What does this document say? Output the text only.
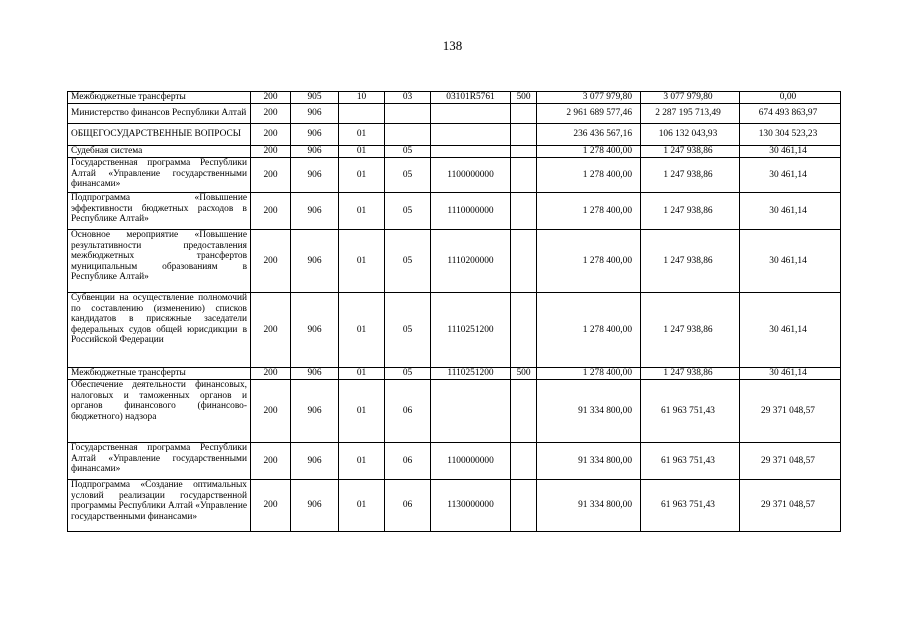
138
Межбюджетные трансферты	200	905	10	03	03101R5761	500	3 077 979,80	3 077 979,80	0,00
Министерство финансов Республики Алтай	200	906					2 961 689 577,46	2 287 195 713,49	674 493 863,97
ОБЩЕГОСУДАРСТВЕННЫЕ ВОПРОСЫ	200	906	01				236 436 567,16	106 132 043,93	130 304 523,23
Судебная система	200	906	01	05			1 278 400,00	1 247 938,86	30 461,14
Государственная программа Республики Алтай «Управление государственными финансами»	200	906	01	05	1100000000		1 278 400,00	1 247 938,86	30 461,14
Подпрограмма «Повышение эффективности бюджетных расходов в Республике Алтай»	200	906	01	05	1110000000		1 278 400,00	1 247 938,86	30 461,14
Основное мероприятие «Повышение результативности предоставления межбюджетных трансфертов муниципальным образованиям в Республике Алтай»	200	906	01	05	1110200000		1 278 400,00	1 247 938,86	30 461,14
Субвенции на осуществление полномочий по составлению (изменению) списков кандидатов в присяжные заседатели федеральных судов общей юрисдикции в Российской Федерации	200	906	01	05	1110251200		1 278 400,00	1 247 938,86	30 461,14
Межбюджетные трансферты	200	906	01	05	1110251200	500	1 278 400,00	1 247 938,86	30 461,14
Обеспечение деятельности финансовых, налоговых и таможенных органов и органов финансового (финансово-бюджетного) надзора	200	906	01	06			91 334 800,00	61 963 751,43	29 371 048,57
Государственная программа Республики Алтай «Управление государственными финансами»	200	906	01	06	1100000000		91 334 800,00	61 963 751,43	29 371 048,57
Подпрограмма «Создание оптимальных условий реализации государственной программы Республики Алтай «Управление государственными финансами»	200	906	01	06	1130000000		91 334 800,00	61 963 751,43	29 371 048,57
